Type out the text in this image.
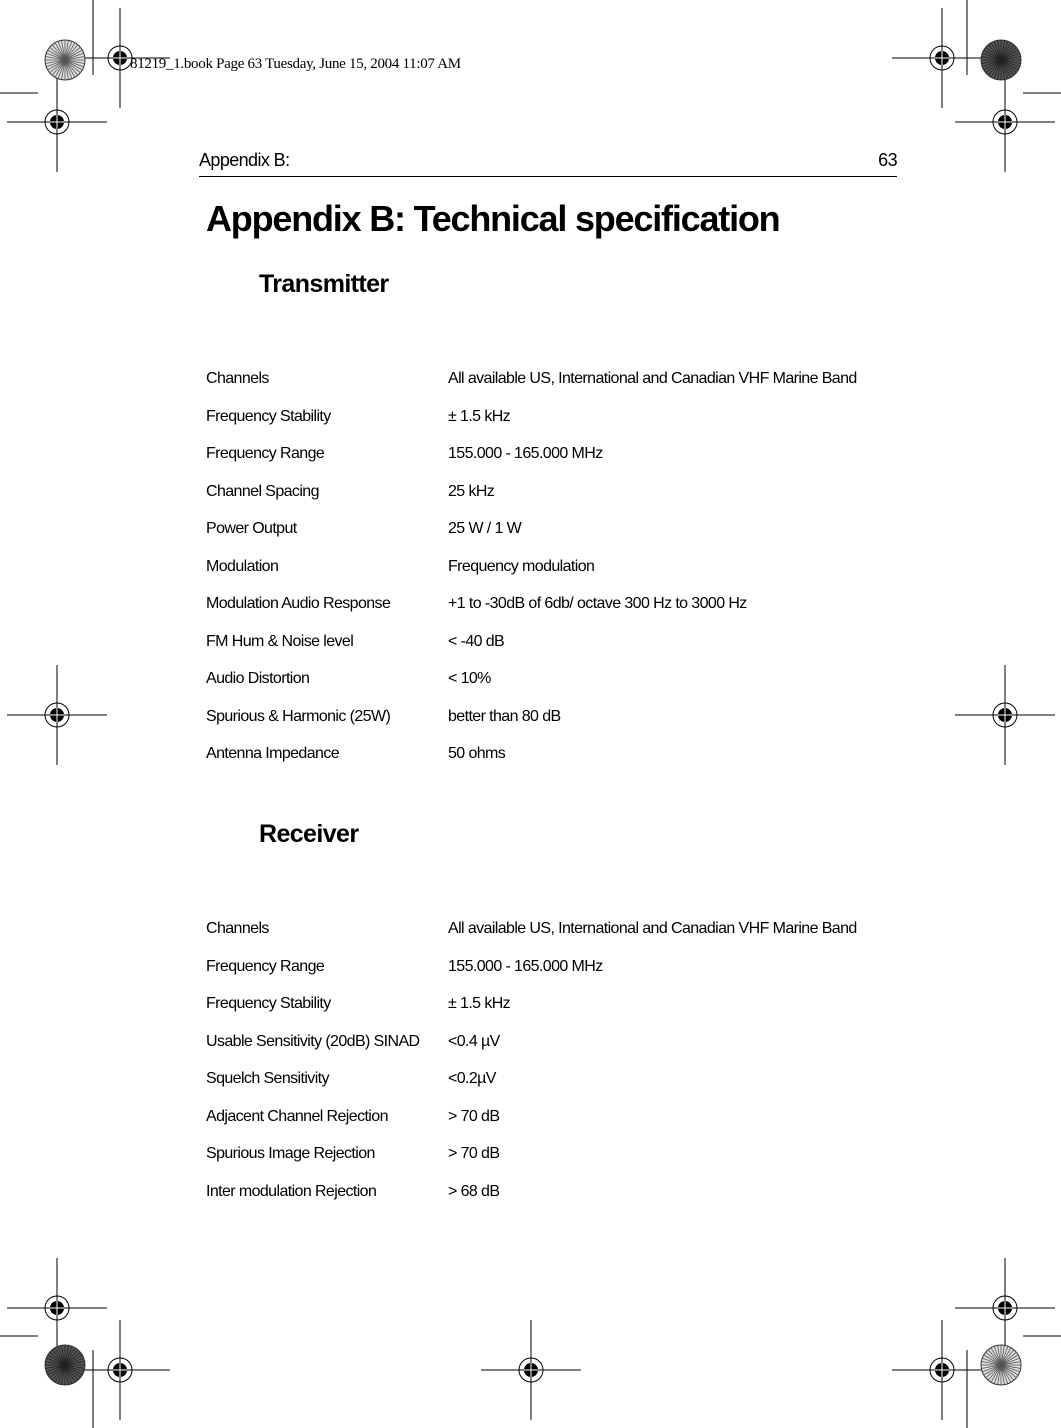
81219_1.book Page 63 Tuesday, June 15, 2004 11:07 AM
Appendix B:	63
Appendix B: Technical specification
Transmitter
Channels	All available US, International and Canadian VHF Marine Band
Frequency Stability	± 1.5 kHz
Frequency Range	155.000 - 165.000 MHz
Channel Spacing	25 kHz
Power Output	25 W / 1 W
Modulation	Frequency modulation
Modulation Audio Response	+1 to -30dB of 6db/ octave 300 Hz to 3000 Hz
FM Hum & Noise level	< -40 dB
Audio Distortion	< 10%
Spurious & Harmonic (25W)	better than 80 dB
Antenna Impedance	50 ohms
Receiver
Channels	All available US, International and Canadian VHF Marine Band
Frequency Range	155.000 - 165.000 MHz
Frequency Stability	± 1.5 kHz
Usable Sensitivity (20dB) SINAD	<0.4 µV
Squelch Sensitivity	<0.2µV
Adjacent Channel Rejection	> 70 dB
Spurious Image Rejection	> 70 dB
Inter modulation Rejection	> 68 dB
